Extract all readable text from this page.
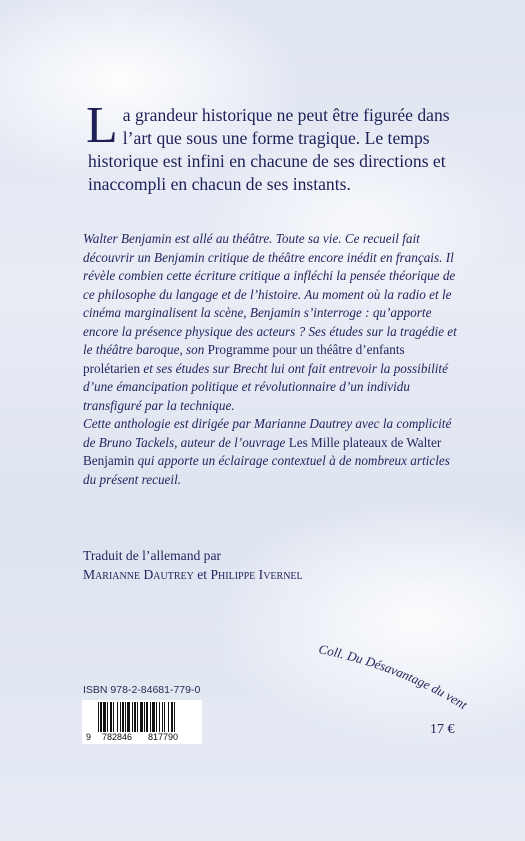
La grandeur historique ne peut être figurée dans l’art que sous une forme tragique. Le temps historique est infini en chacune de ses directions et inaccompli en chacun de ses instants.

Walter Benjamin est allé au théâtre. Toute sa vie. Ce recueil fait découvrir un Benjamin critique de théâtre encore inédit en français. Il révèle combien cette écriture critique a infléchi la pensée théorique de ce philosophe du langage et de l’histoire. Au moment où la radio et le cinéma marginalisent la scène, Benjamin s’interroge : qu’apporte encore la présence physique des acteurs ? Ses études sur la tragédie et le théâtre baroque, son Programme pour un théâtre d’enfants prolétarien et ses études sur Brecht lui ont fait entrevoir la possibilité d’une émancipation politique et révolutionnaire d’un individu transfiguré par la technique.

Cette anthologie est dirigée par Marianne Dautrey avec la complicité de Bruno Tackels, auteur de l’ouvrage Les Mille plateaux de Walter Benjamin qui apporte un éclairage contextuel à de nombreux articles du présent recueil.

Traduit de l’allemand par
Marianne Dautrey et Philippe Ivernel
Coll. Du Désavantage du vent
ISBN 978-2-84681-779-0
9 782846 817790	17 €
